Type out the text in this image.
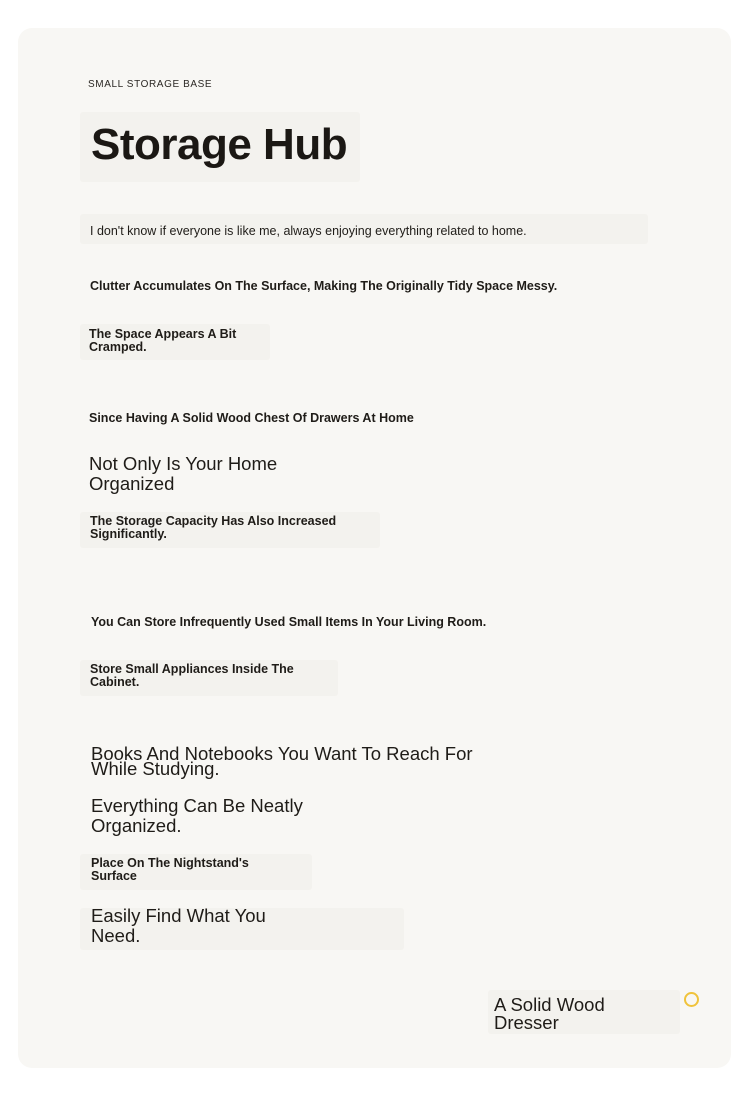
SMALL STORAGE BASE
Storage Hub

I don't know if everyone is like me, always enjoying everything related to home.

Clutter Accumulates On The Surface, Making The Originally Tidy Space Messy.

The Space Appears A Bit Cramped.

Since Having A Solid Wood Chest Of Drawers At Home

Not Only Is Your Home Organized

The Storage Capacity Has Also Increased Significantly.

You Can Store Infrequently Used Small Items In Your Living Room.

Store Small Appliances Inside The Cabinet.

Books And Notebooks You Want To Reach For While Studying.
Everything Can Be Neatly Organized.

Place On The Nightstand's Surface

Easily Find What You Need.
A Solid Wood Dresser
